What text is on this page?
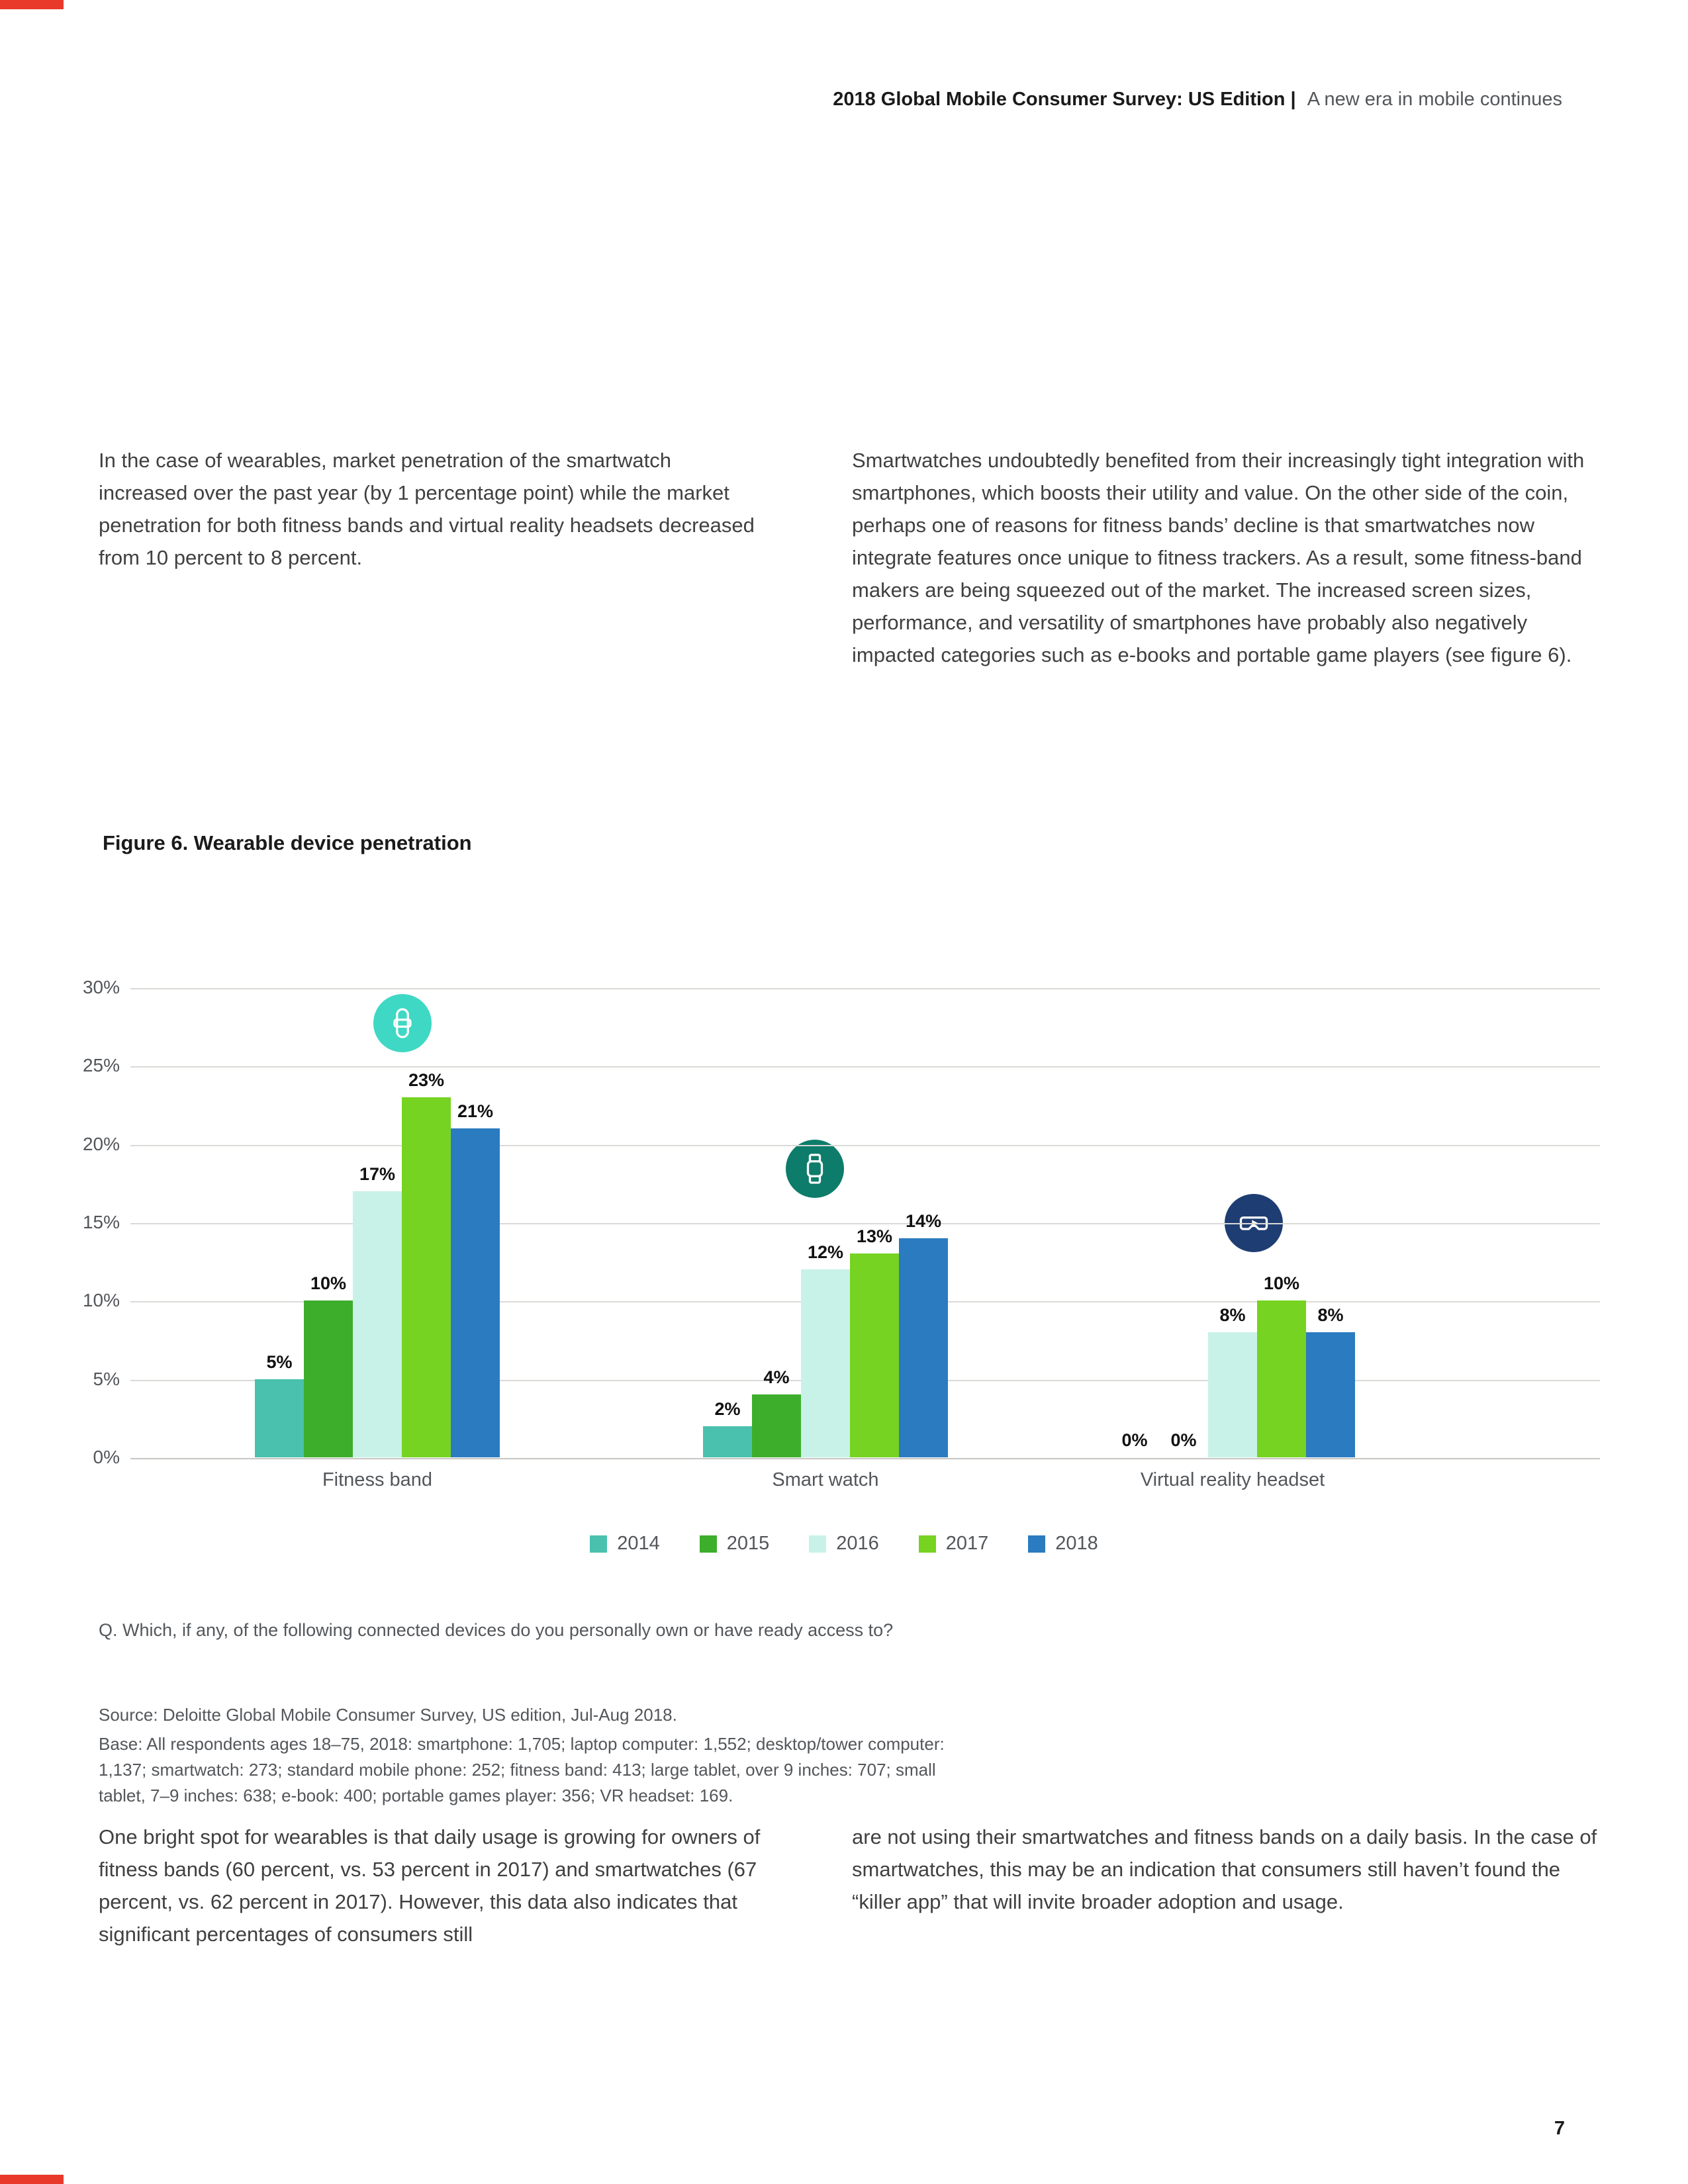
2018 Global Mobile Consumer Survey: US Edition | A new era in mobile continues

In the case of wearables, market penetration of the smartwatch increased over the past year (by 1 percentage point) while the market penetration for both fitness bands and virtual reality headsets decreased from 10 percent to 8 percent.

Smartwatches undoubtedly benefited from their increasingly tight integration with smartphones, which boosts their utility and value. On the other side of the coin, perhaps one of reasons for fitness bands’ decline is that smartwatches now integrate features once unique to fitness trackers. As a result, some fitness-band makers are being squeezed out of the market. The increased screen sizes, performance, and versatility of smartphones have probably also negatively impacted categories such as e-books and portable game players (see figure 6).

Figure 6. Wearable device penetration
0%
5%
10%
15%
20%
25%
30%
5%
10%
17%
23%
21%
Fitness band
2%
4%
12%
13%
14%
Smart watch
0%	0%
8%
10%
8%
Virtual reality headset
2014	2015	2016	2017	2018

Q. Which, if any, of the following connected devices do you personally own or have ready access to?

Source: Deloitte Global Mobile Consumer Survey, US edition, Jul-Aug 2018.

Base: All respondents ages 18–75, 2018: smartphone: 1,705; laptop computer: 1,552; desktop/tower computer: 1,137; smartwatch: 273; standard mobile phone: 252; fitness band: 413; large tablet, over 9 inches: 707; small tablet, 7–9 inches: 638; e-book: 400; portable games player: 356; VR headset: 169.

One bright spot for wearables is that daily usage is growing for owners of fitness bands (60 percent, vs. 53 percent in 2017) and smartwatches (67 percent, vs. 62 percent in 2017). However, this data also indicates that significant percentages of consumers still

are not using their smartwatches and fitness bands on a daily basis. In the case of smartwatches, this may be an indication that consumers still haven’t found the “killer app” that will invite broader adoption and usage.

7
